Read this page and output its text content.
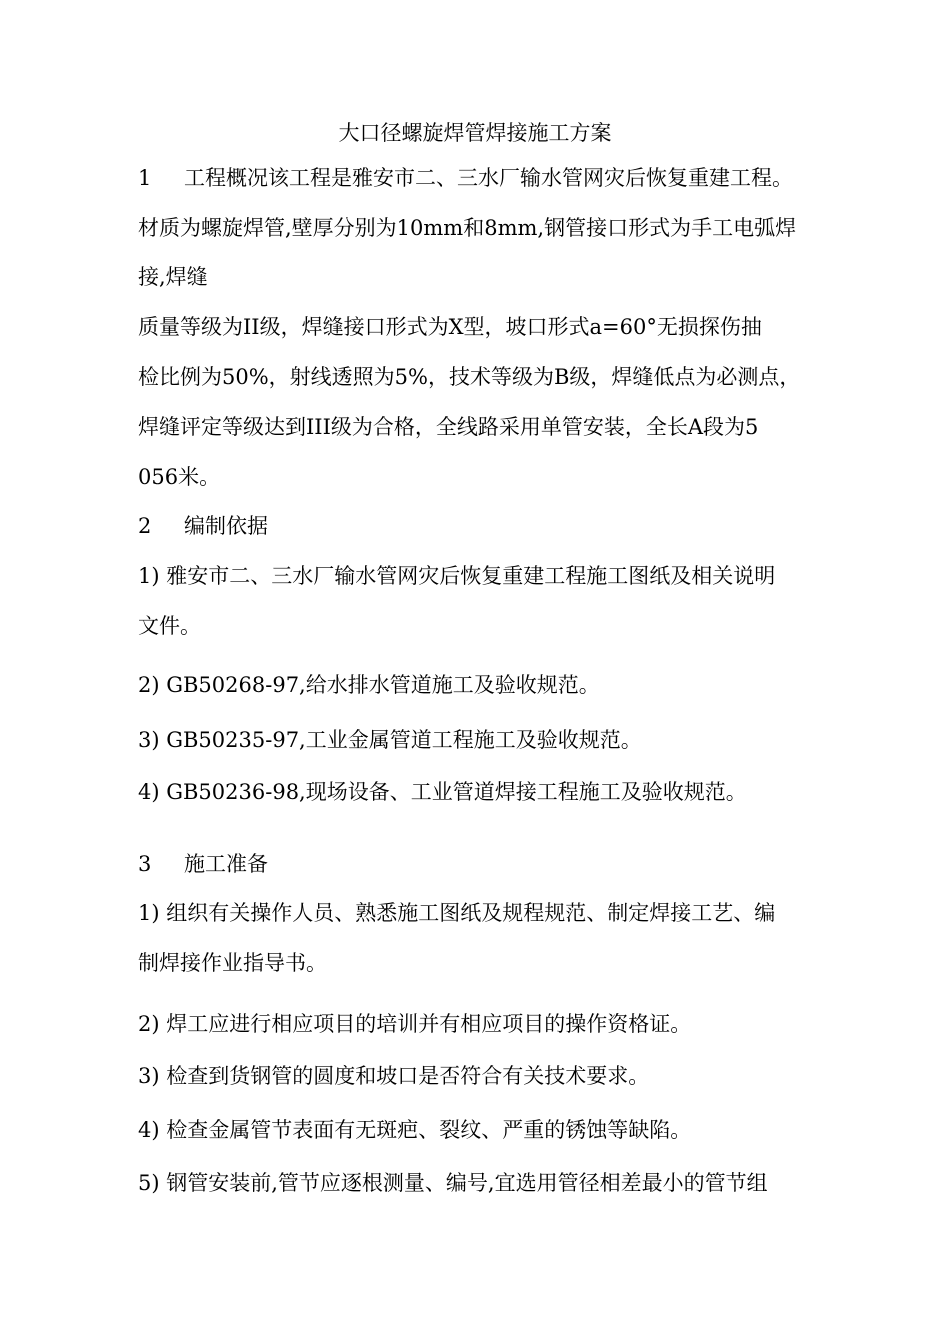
大口径螺旋焊管焊接施工方案
1 工程概况该工程是雅安市二、三水厂输水管网灾后恢复重建工程。
材质为螺旋焊管,壁厚分别为10mm和8mm,钢管接口形式为手工电弧焊
接,焊缝
质量等级为II级，焊缝接口形式为X型，坡口形式a=60°无损探伤抽
检比例为50%，射线透照为5%，技术等级为B级，焊缝低点为必测点，
焊缝评定等级达到III级为合格，全线路采用单管安装，全长A段为5
056米。
2 编制依据
1) 雅安市二、三水厂输水管网灾后恢复重建工程施工图纸及相关说明
文件。
2) GB50268-97,给水排水管道施工及验收规范。
3) GB50235-97,工业金属管道工程施工及验收规范。
4) GB50236-98,现场设备、工业管道焊接工程施工及验收规范。
3 施工准备
1) 组织有关操作人员、熟悉施工图纸及规程规范、制定焊接工艺、编
制焊接作业指导书。
2) 焊工应进行相应项目的培训并有相应项目的操作资格证。
3) 检查到货钢管的圆度和坡口是否符合有关技术要求。
4) 检查金属管节表面有无斑疤、裂纹、严重的锈蚀等缺陷。
5) 钢管安装前,管节应逐根测量、编号,宜选用管径相差最小的管节组
